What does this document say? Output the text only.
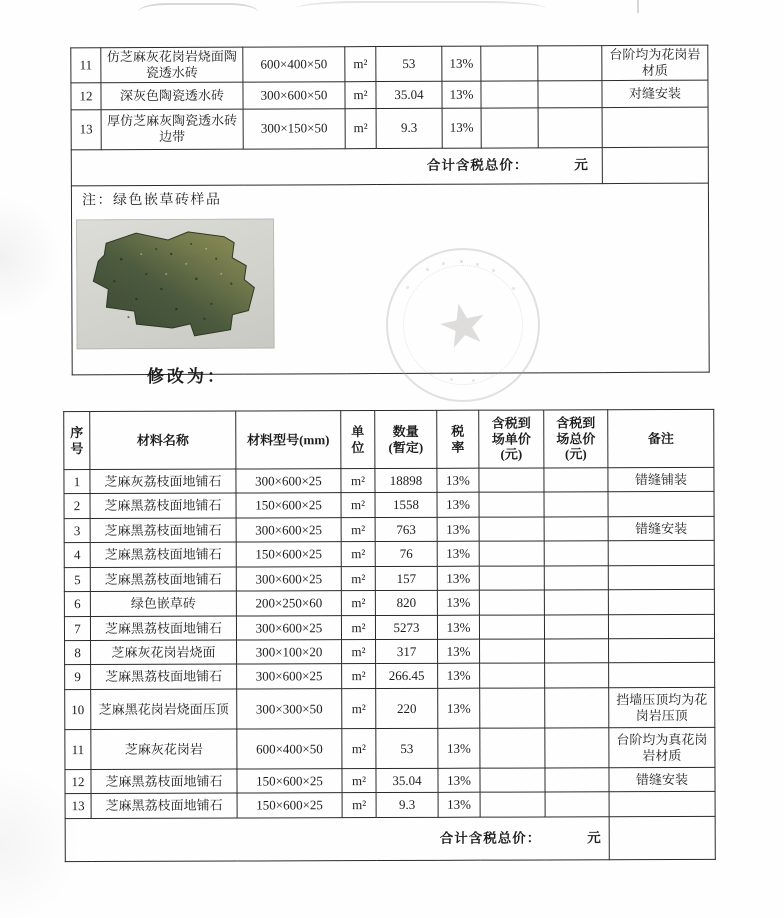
11	仿芝麻灰花岗岩烧面陶瓷透水砖	600×400×50	m²	53	13%			台阶均为花岗岩材质
12	深灰色陶瓷透水砖	300×600×50	m²	35.04	13%			对缝安装
13	厚仿芝麻灰陶瓷透水砖边带	300×150×50	m²	9.3	13%			
合计含税总价： 元								

注：绿色嵌草砖样品								
★
修改为：
序
号	材料名称	材料型号(mm)	单
位	数量
(暂定)	税
率	含税到
场单价
(元)	含税到
场总价
(元)	备注
1	芝麻灰荔枝面地铺石	300×600×25	m²	18898	13%			错缝铺装
2	芝麻黑荔枝面地铺石	150×600×25	m²	1558	13%			
3	芝麻黑荔枝面地铺石	300×600×25	m²	763	13%			错缝安装
4	芝麻黑荔枝面地铺石	150×600×25	m²	76	13%			
5	芝麻黑荔枝面地铺石	300×600×25	m²	157	13%			
6	绿色嵌草砖	200×250×60	m²	820	13%			
7	芝麻黑荔枝面地铺石	300×600×25	m²	5273	13%			
8	芝麻灰花岗岩烧面	300×100×20	m²	317	13%			
9	芝麻黑荔枝面地铺石	300×600×25	m²	266.45	13%			
10	芝麻黑花岗岩烧面压顶	300×300×50	m²	220	13%			挡墙压顶均为花岗岩压顶
11	芝麻灰花岗岩	600×400×50	m²	53	13%			台阶均为真花岗岩材质
12	芝麻黑荔枝面地铺石	150×600×25	m²	35.04	13%			错缝安装
13	芝麻黑荔枝面地铺石	150×600×25	m²	9.3	13%			
合计含税总价： 元								
